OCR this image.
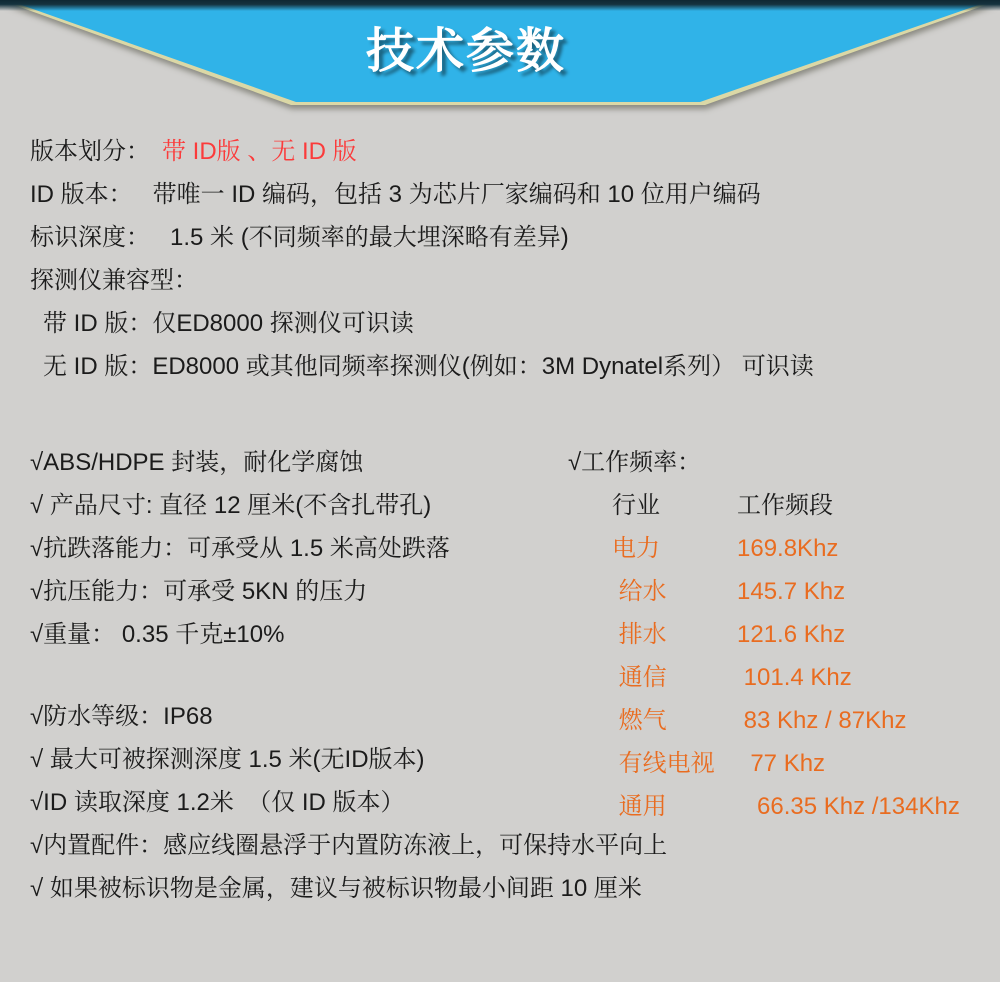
技术参数
版本划分： 带 ID版 、无 ID 版
ID 版本：   带唯一 ID 编码，包括 3 为芯片厂家编码和 10 位用户编码
标识深度：   1.5 米 (不同频率的最大埋深略有差异)
探测仪兼容型：
带 ID 版：仅ED8000 探测仪可识读
无 ID 版：ED8000 或其他同频率探测仪(例如：3M Dynatel系列） 可识读
√ABS/HDPE 封装，耐化学腐蚀
√ 产品尺寸: 直径 12 厘米(不含扎带孔)
√抗跌落能力：可承受从 1.5 米高处跌落
√抗压能力：可承受 5KN 的压力
√重量： 0.35 千克±10%
√防水等级：IP68
√ 最大可被探测深度 1.5 米(无ID版本)
√ID 读取深度 1.2米  （仅 ID 版本）
√内置配件：感应线圈悬浮于内置防冻液上，可保持水平向上
√ 如果被标识物是金属，建议与被标识物最小间距 10 厘米
√工作频率：
行业	工作频段
电力	169.8Khz
给水	145.7 Khz
排水	121.6 Khz
通信	101.4 Khz
燃气	83 Khz / 87Khz
有线电视 77 Khz
通用	66.35 Khz /134Khz
